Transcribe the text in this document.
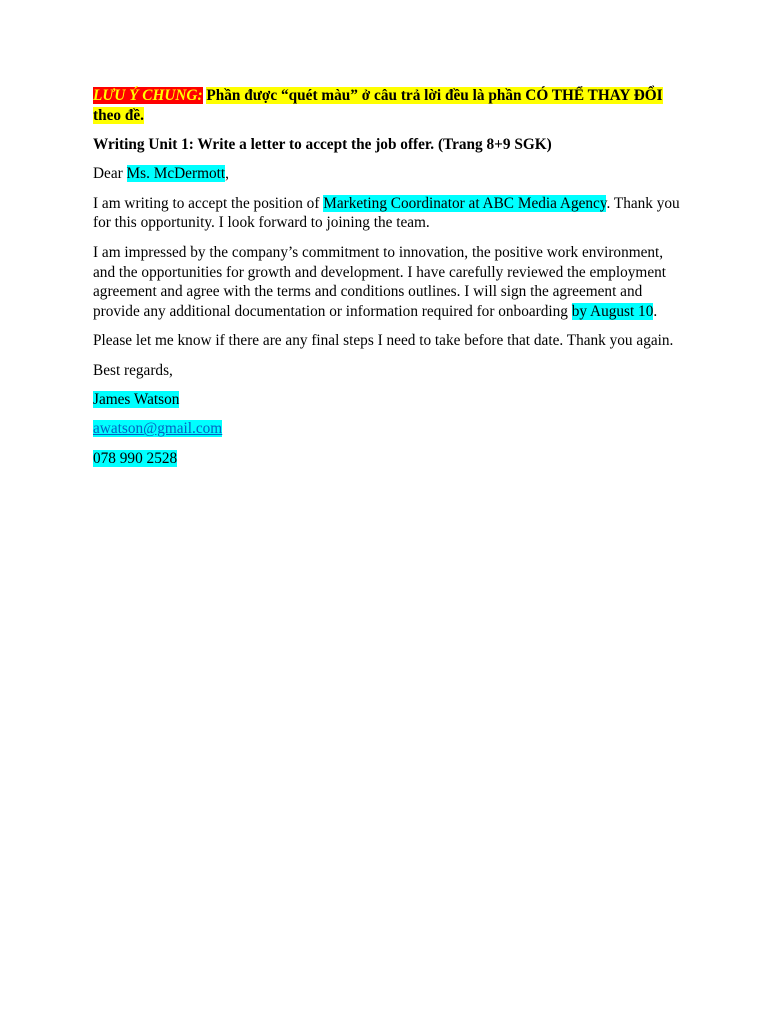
LƯU Ý CHUNG: Phần được “quét màu” ở câu trả lời đều là phần CÓ THỂ THAY ĐỔI theo đề.

Writing Unit 1: Write a letter to accept the job offer. (Trang 8+9 SGK)

Dear Ms. McDermott,

I am writing to accept the position of Marketing Coordinator at ABC Media Agency. Thank you for this opportunity. I look forward to joining the team.

I am impressed by the company’s commitment to innovation, the positive work environment, and the opportunities for growth and development. I have carefully reviewed the employment agreement and agree with the terms and conditions outlines. I will sign the agreement and provide any additional documentation or information required for onboarding by August 10.

Please let me know if there are any final steps I need to take before that date. Thank you again.

Best regards,

James Watson

awatson@gmail.com

078 990 2528
